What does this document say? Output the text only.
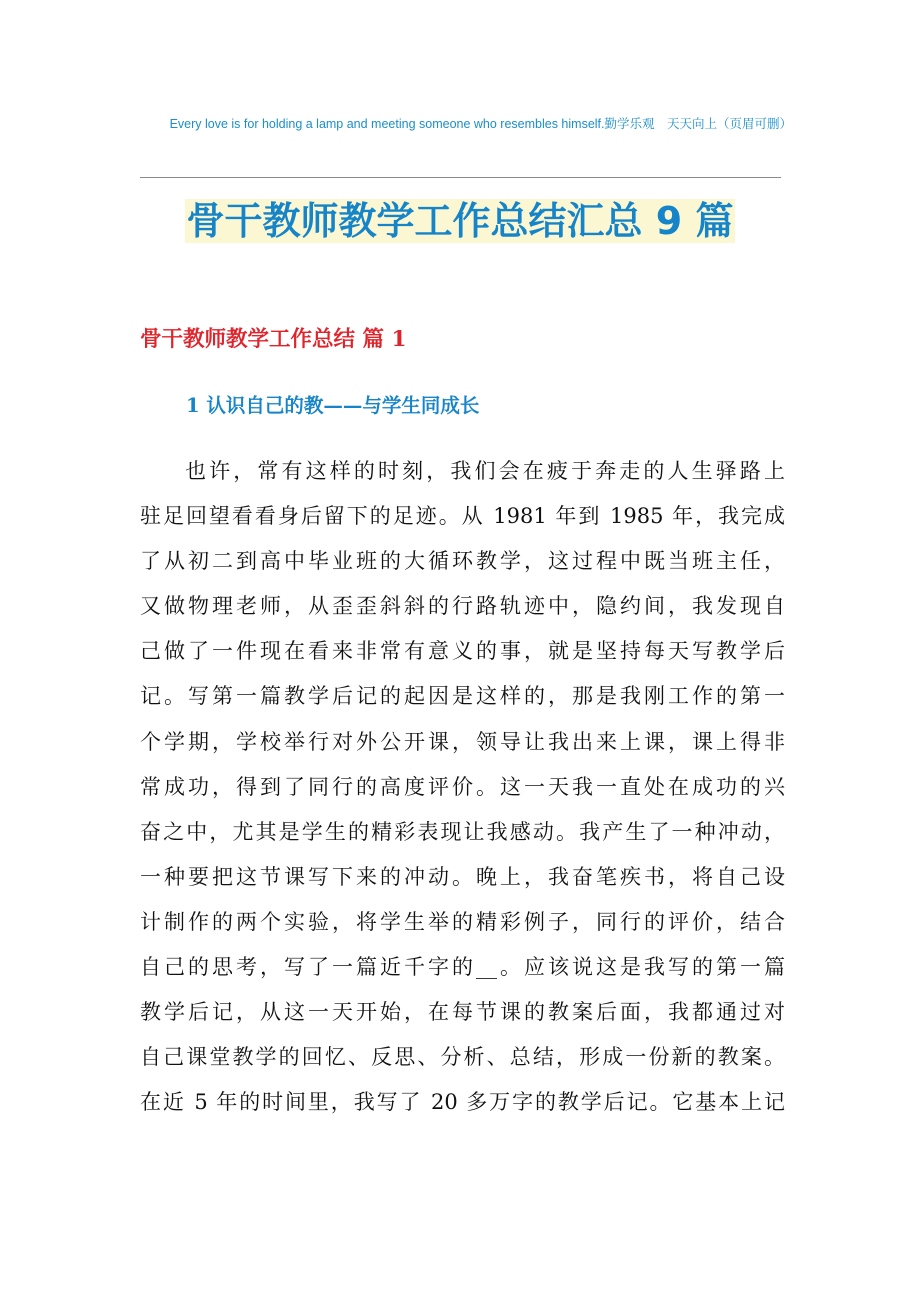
Every love is for holding a lamp and meeting someone who resembles himself.勤学乐观　天天向上（页眉可删）
骨干教师教学工作总结汇总 9 篇
骨干教师教学工作总结 篇 1
1 认识自己的教——与学生同成长
也许，常有这样的时刻，我们会在疲于奔走的人生驿路上
驻足回望看看身后留下的足迹。从 1981 年到 1985 年，我完成
了从初二到高中毕业班的大循环教学，这过程中既当班主任，
又做物理老师，从歪歪斜斜的行路轨迹中，隐约间，我发现自
己做了一件现在看来非常有意义的事，就是坚持每天写教学后
记。写第一篇教学后记的起因是这样的，那是我刚工作的第一
个学期，学校举行对外公开课，领导让我出来上课，课上得非
常成功，得到了同行的高度评价。这一天我一直处在成功的兴
奋之中，尤其是学生的精彩表现让我感动。我产生了一种冲动，
一种要把这节课写下来的冲动。晚上，我奋笔疾书，将自己设
计制作的两个实验，将学生举的精彩例子，同行的评价，结合
自己的思考，写了一篇近千字的__。应该说这是我写的第一篇
教学后记，从这一天开始，在每节课的教案后面，我都通过对
自己课堂教学的回忆、反思、分析、总结，形成一份新的教案。
在近 5 年的时间里，我写了 20 多万字的教学后记。它基本上记
